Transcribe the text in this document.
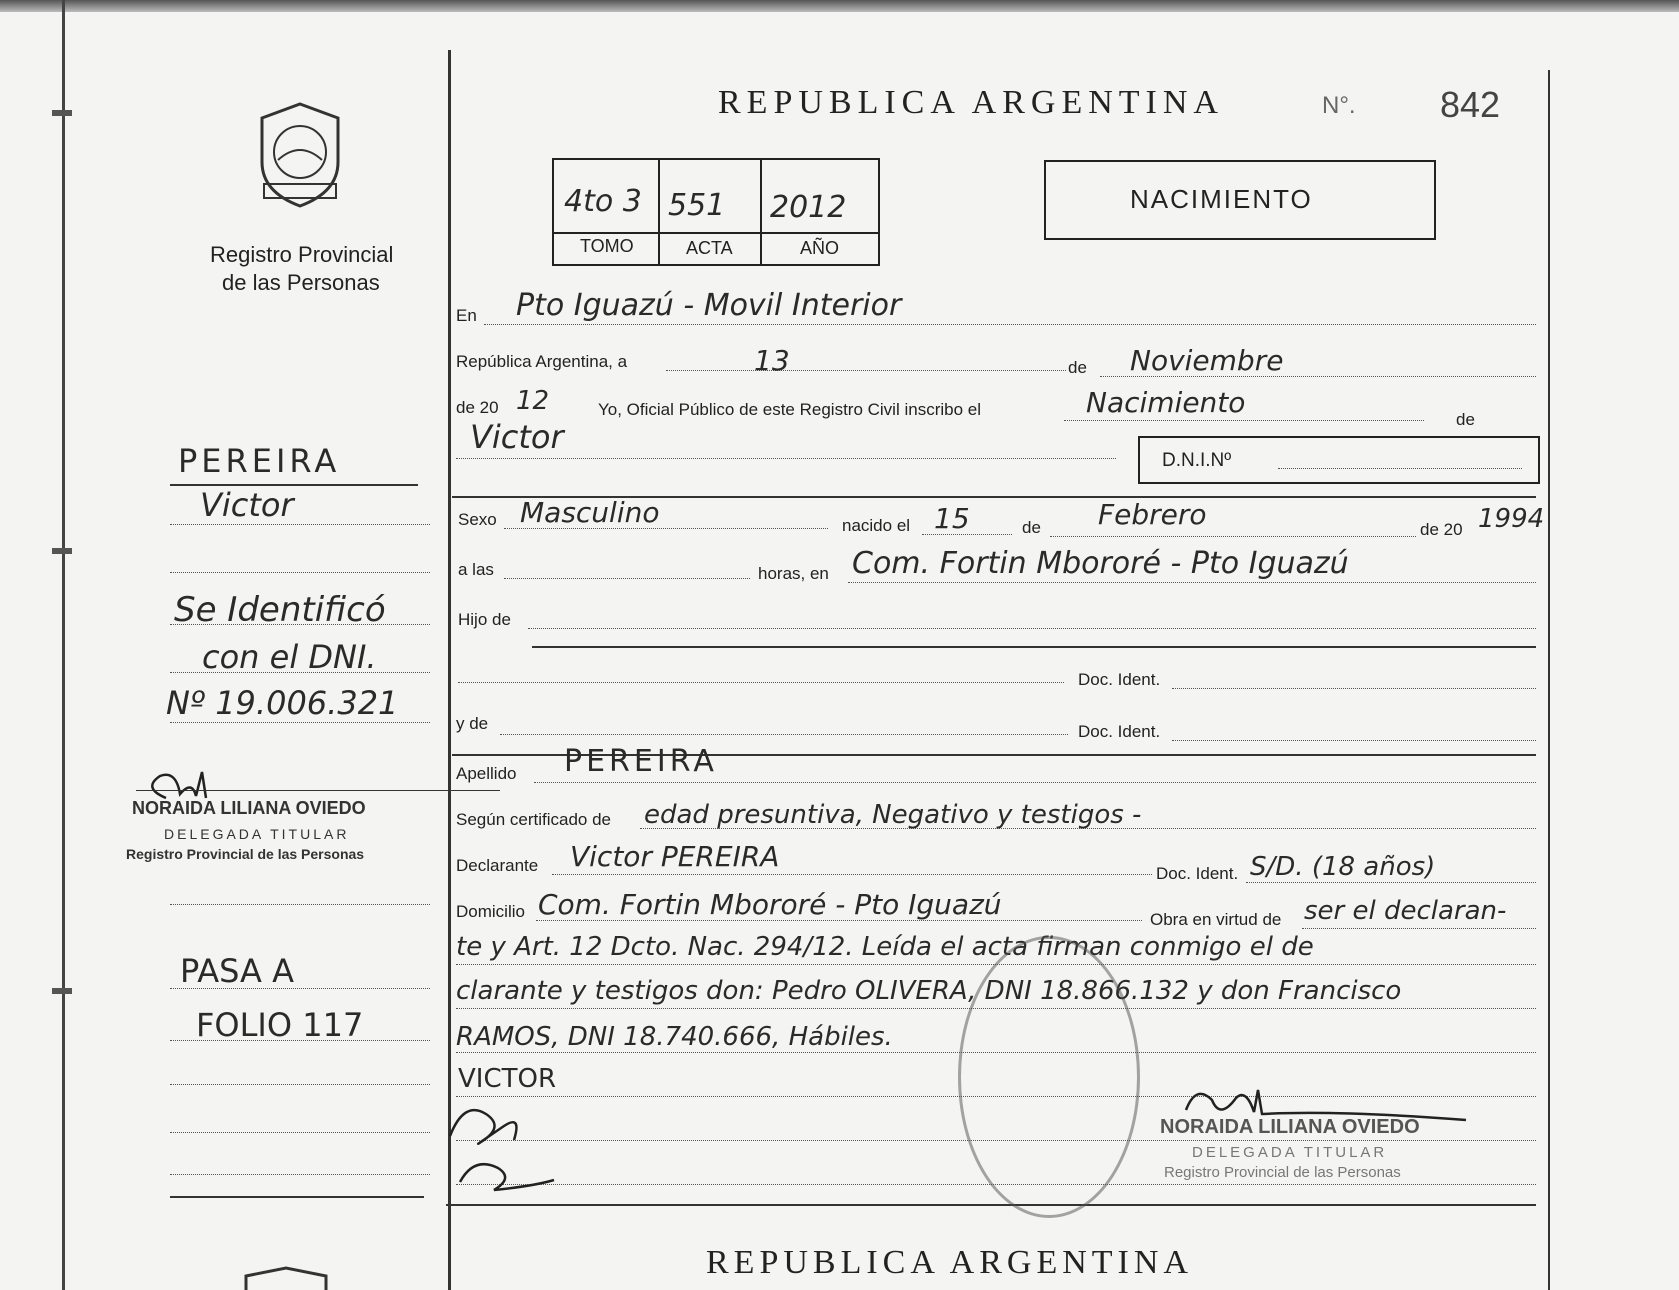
REPUBLICA ARGENTINA	N°. 842
Registro Provincial
de las Personas
4to 3 551 2012
TOMO	ACTA	AÑO
NACIMIENTO
En Pto Iguazú - Movil Interior
República Argentina, a	13	de Noviembre
de 20 12	Yo, Oficial Público de este Registro Civil inscribo el	Nacimiento
de
Victor
D.N.I.Nº
Sexo Masculino	nacido el 15	de Febrero	de 20 1994
a las	horas, en Com. Fortin Mbororé - Pto Iguazú
Hijo de
Doc. Ident.
y de	Doc. Ident.
Apellido PEREIRA
Según certificado de edad presuntiva, Negativo y testigos -
Declarante Victor PEREIRA
Doc. Ident. S/D. (18 años)
Domicilio Com. Fortin Mbororé - Pto Iguazú	Obra en virtud de ser el declaran-
te y Art. 12 Dcto. Nac. 294/12. Leída el acta firman conmigo el de
clarante y testigos don: Pedro OLIVERA, DNI 18.866.132 y don Francisco
RAMOS, DNI 18.740.666, Hábiles.
VICTOR
NORAIDA LILIANA OVIEDO
DELEGADA TITULAR
Registro Provincial de las Personas
PEREIRA
Victor
Se Identificó
con el DNI.
Nº 19.006.321
NORAIDA LILIANA OVIEDO
DELEGADA TITULAR
Registro Provincial de las Personas
PASA A
FOLIO 117
REPUBLICA ARGENTINA
